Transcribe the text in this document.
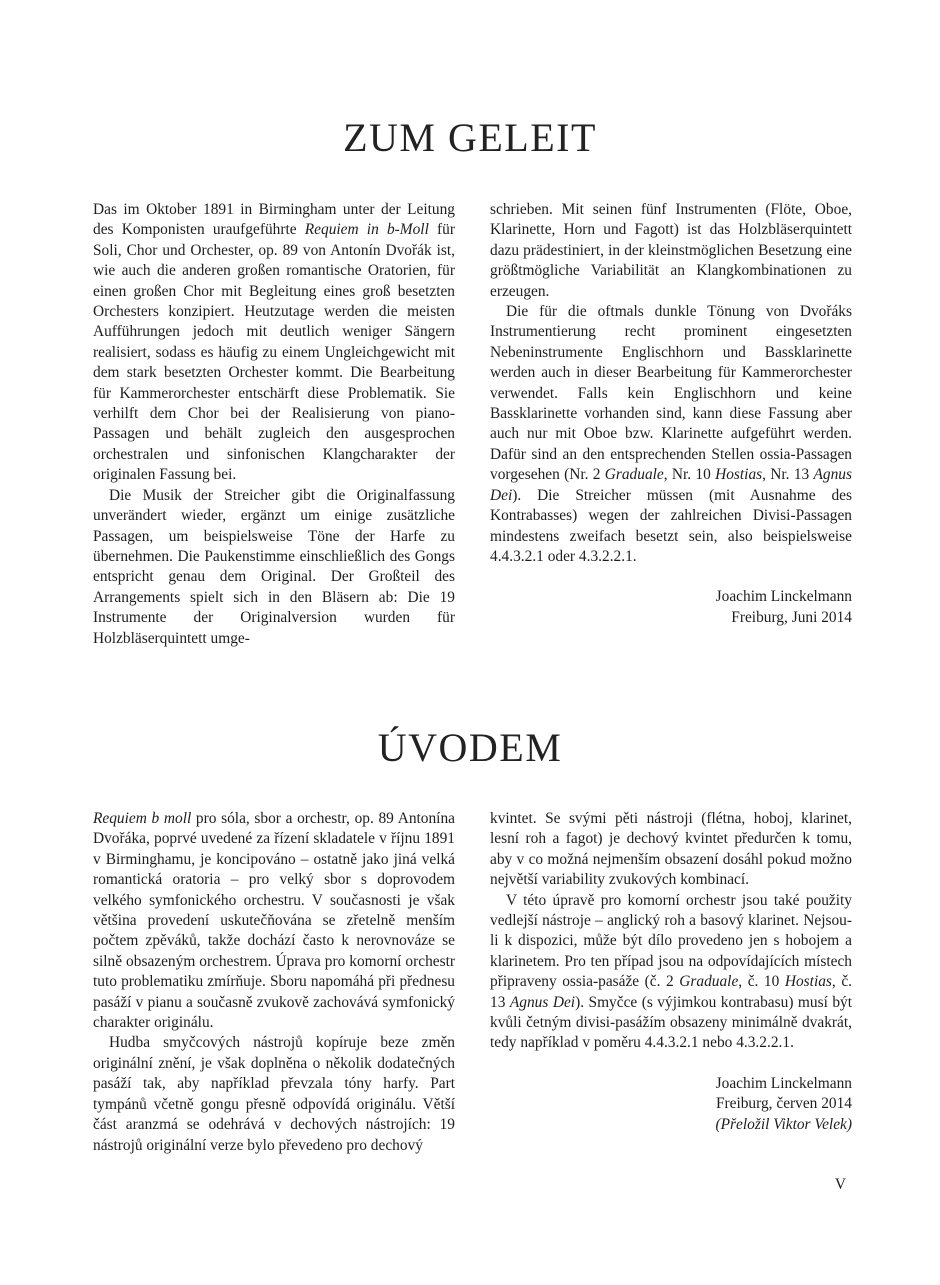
ZUM GELEIT

Das im Oktober 1891 in Birmingham unter der Leitung des Komponisten uraufgeführte Requiem in b-Moll für Soli, Chor und Orchester, op. 89 von Antonín Dvořák ist, wie auch die anderen großen romantische Oratorien, für einen großen Chor mit Begleitung eines groß besetzten Orchesters konzipiert. Heutzutage werden die meisten Aufführungen jedoch mit deutlich weniger Sängern realisiert, sodass es häufig zu einem Ungleichgewicht mit dem stark besetzten Orchester kommt. Die Bearbeitung für Kammerorchester entschärft diese Problematik. Sie verhilft dem Chor bei der Realisierung von piano-Passagen und behält zugleich den ausgesprochen orchestralen und sinfonischen Klangcharakter der originalen Fassung bei.

Die Musik der Streicher gibt die Originalfassung unverändert wieder, ergänzt um einige zusätzliche Passagen, um beispielsweise Töne der Harfe zu übernehmen. Die Paukenstimme einschließlich des Gongs entspricht genau dem Original. Der Großteil des Arrangements spielt sich in den Bläsern ab: Die 19 Instrumente der Originalversion wurden für Holzbläserquintett umge-

schrieben. Mit seinen fünf Instrumenten (Flöte, Oboe, Klarinette, Horn und Fagott) ist das Holzbläserquintett dazu prädestiniert, in der kleinstmöglichen Besetzung eine größtmögliche Variabilität an Klangkombinationen zu erzeugen.

Die für die oftmals dunkle Tönung von Dvořáks Instrumentierung recht prominent eingesetzten Nebeninstrumente Englischhorn und Bassklarinette werden auch in dieser Bearbeitung für Kammerorchester verwendet. Falls kein Englischhorn und keine Bassklarinette vorhanden sind, kann diese Fassung aber auch nur mit Oboe bzw. Klarinette aufgeführt werden. Dafür sind an den entsprechenden Stellen ossia-Passagen vorgesehen (Nr. 2 Graduale, Nr. 10 Hostias, Nr. 13 Agnus Dei). Die Streicher müssen (mit Ausnahme des Kontrabasses) wegen der zahlreichen Divisi-Passagen mindestens zweifach besetzt sein, also beispielsweise 4.4.3.2.1 oder 4.3.2.2.1.

Joachim Linckelmann
Freiburg, Juni 2014
ÚVODEM

Requiem b moll pro sóla, sbor a orchestr, op. 89 Antonína Dvořáka, poprvé uvedené za řízení skladatele v říjnu 1891 v Birminghamu, je koncipováno – ostatně jako jiná velká romantická oratoria – pro velký sbor s doprovodem velkého symfonického orchestru. V současnosti je však většina provedení uskutečňována se zřetelně menším počtem zpěváků, takže dochází často k nerovnováze se silně obsazeným orchestrem. Úprava pro komorní orchestr tuto problematiku zmírňuje. Sboru napomáhá při přednesu pasáží v pianu a současně zvukově zachovává symfonický charakter originálu.

Hudba smyčcových nástrojů kopíruje beze změn originální znění, je však doplněna o několik dodatečných pasáží tak, aby například převzala tóny harfy. Part tympánů včetně gongu přesně odpovídá originálu. Větší část aranzmá se odehrává v dechových nástrojích: 19 nástrojů originální verze bylo převedeno pro dechový

kvintet. Se svými pěti nástroji (flétna, hoboj, klarinet, lesní roh a fagot) je dechový kvintet předurčen k tomu, aby v co možná nejmenším obsazení dosáhl pokud možno největší variability zvukových kombinací.

V této úpravě pro komorní orchestr jsou také použity vedlejší nástroje – anglický roh a basový klarinet. Nejsou-li k dispozici, může být dílo provedeno jen s hobojem a klarinetem. Pro ten případ jsou na odpovídajících místech připraveny ossia-pasáže (č. 2 Graduale, č. 10 Hostias, č. 13 Agnus Dei). Smyčce (s výjimkou kontrabasu) musí být kvůli četným divisi-pasážím obsazeny minimálně dvakrát, tedy například v poměru 4.4.3.2.1 nebo 4.3.2.2.1.

Joachim Linckelmann
Freiburg, červen 2014
(Přeložil Viktor Velek)
V
